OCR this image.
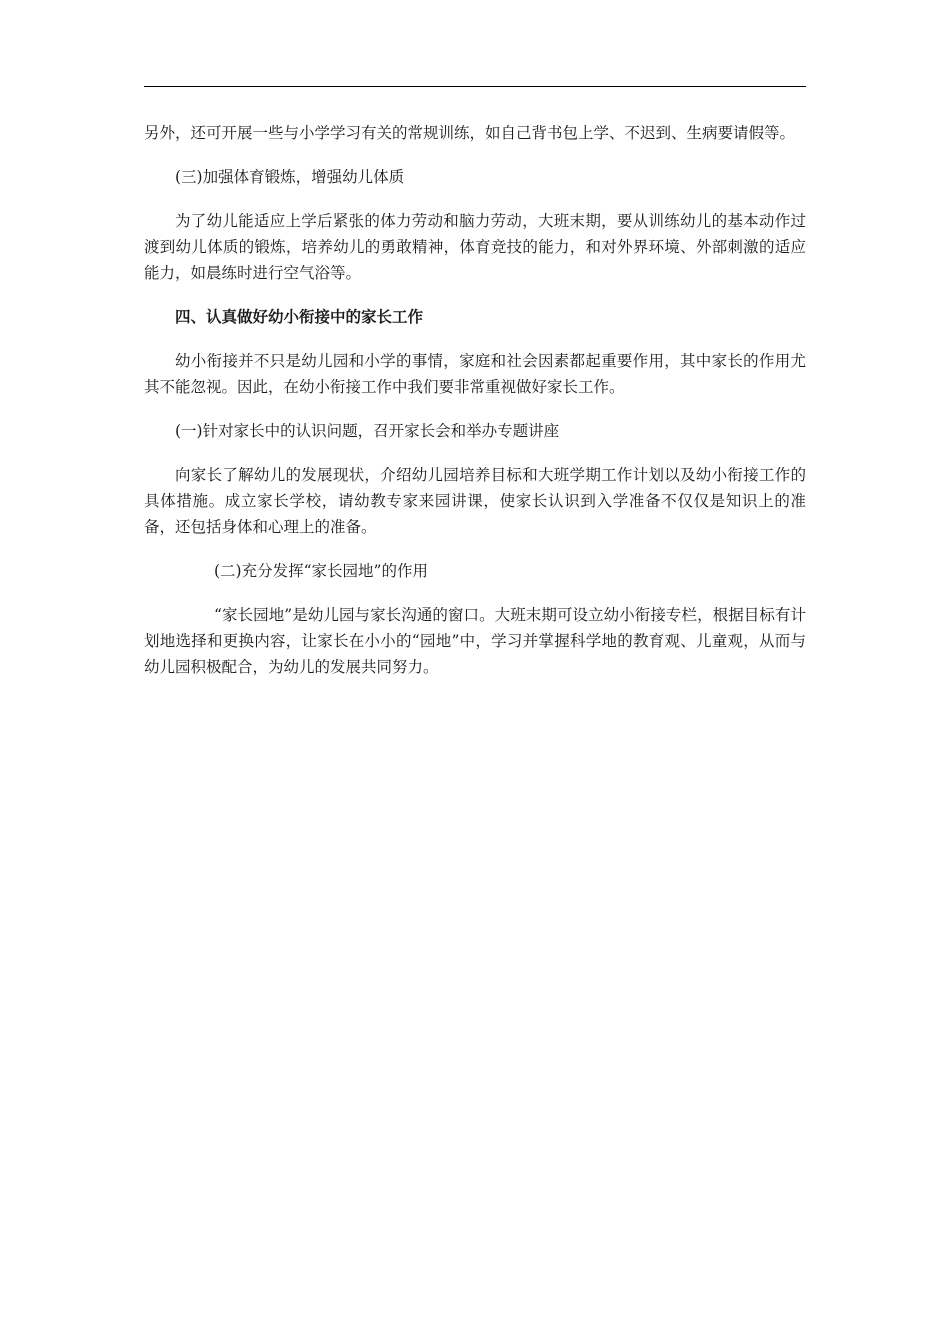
另外，还可开展一些与小学学习有关的常规训练，如自己背书包上学、不迟到、生病要请假等。

(三)加强体育锻炼，增强幼儿体质

为了幼儿能适应上学后紧张的体力劳动和脑力劳动，大班末期，要从训练幼儿的基本动作过渡到幼儿体质的锻炼，培养幼儿的勇敢精神，体育竞技的能力，和对外界环境、外部刺激的适应能力，如晨练时进行空气浴等。

四、认真做好幼小衔接中的家长工作

幼小衔接并不只是幼儿园和小学的事情，家庭和社会因素都起重要作用，其中家长的作用尤其不能忽视。因此，在幼小衔接工作中我们要非常重视做好家长工作。

(一)针对家长中的认识问题，召开家长会和举办专题讲座

向家长了解幼儿的发展现状，介绍幼儿园培养目标和大班学期工作计划以及幼小衔接工作的具体措施。成立家长学校，请幼教专家来园讲课，使家长认识到入学准备不仅仅是知识上的准备，还包括身体和心理上的准备。

(二)充分发挥“家长园地”的作用

“家长园地”是幼儿园与家长沟通的窗口。大班末期可设立幼小衔接专栏，根据目标有计划地选择和更换内容，让家长在小小的“园地”中，学习并掌握科学地的教育观、儿童观，从而与幼儿园积极配合，为幼儿的发展共同努力。
